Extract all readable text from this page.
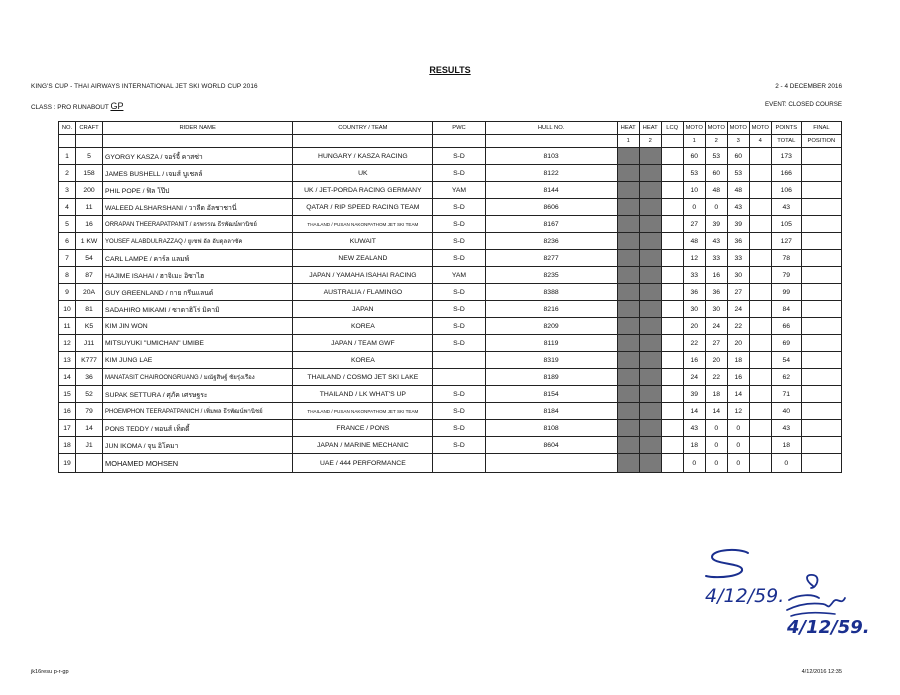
RESULTS
KING'S CUP - THAI AIRWAYS INTERNATIONAL JET SKI WORLD CUP 2016	2 - 4 DECEMBER 2016
CLASS : PRO RUNABOUT GP	EVENT: CLOSED COURSE
NO.	CRAFT	RIDER NAME	COUNTRY / TEAM	PWC	HULL NO.	HEAT	HEAT	LCQ	MOTO	MOTO	MOTO	MOTO	POINTS	FINAL
						1	2		1	2	3	4	TOTAL	POSITION
1	5	GYORGY KASZA / จอร์จี้ คาสซ่า	HUNGARY / KASZA RACING	S-D	8103				60	53	60		173	
2	158	JAMES BUSHELL / เจมส์ บูเชลล์	UK	S-D	8122				53	60	53		166	
3	200	PHIL POPE / ฟิล โป๊ป	UK / JET-PORDA RACING GERMANY	YAM	8144				10	48	48		106	
4	11	WALEED ALSHARSHANI / วาลีด อัลชาชานี่	QATAR / RIP SPEED RACING TEAM	S-D	8606				0	0	43		43	
5	16	ORRAPAN THEERAPATPANIT / อรพรรณ ธีรพัฒน์พานิชย์	THAILAND / PUSAN NAKONPATHOM JET SKI TEAM	S-D	8167				27	39	39		105	
6	1 KW	YOUSEF ALABDULRAZZAQ / ยูเซฟ อัล อับดุลลาซัค	KUWAIT	S-D	8236				48	43	36		127	
7	54	CARL LAMPE / คาร์ล แลมพ์	NEW ZEALAND	S-D	8277				12	33	33		78	
8	87	HAJIME ISAHAI / ฮาจิเมะ อิซาไฮ	JAPAN / YAMAHA ISAHAI RACING	YAM	8235				33	16	30		79	
9	20A	GUY GREENLAND / กาย กรีนแลนด์	AUSTRALIA / FLAMINGO	S-D	8388				36	36	27		99	
10	81	SADAHIRO MIKAMI / ซาดาฮิโร่ มิคามิ	JAPAN	S-D	8216				30	30	24		84	
11	K5	KIM JIN WON	KOREA	S-D	8209				20	24	22		66	
12	J11	MITSUYUKI "UMICHAN" UMIBE	JAPAN / TEAM GWF	S-D	8119				22	27	20		69	
13	K777	KIM JUNG LAE	KOREA		8319				16	20	18		54	
14	36	MANATASIT CHAIROONGRUANG / มณัฐสิษฐ์ ชัยรุ่งเรือง	THAILAND / COSMO JET SKI LAKE		8189				24	22	16		62	
15	52	SUPAK SETTURA / ศุภัค เศรษฐระ	THAILAND / LK WHAT'S UP	S-D	8154				39	18	14		71	
16	79	PHOEMPHON TEERAPATPANICH / เพิ่มพล ธีรพัฒน์พานิชย์	THAILAND / PUSAN NAKONPATHOM JET SKI TEAM	S-D	8184				14	14	12		40	
17	14	PONS TEDDY / พอนส์ เท็ดดี้	FRANCE / PONS	S-D	8108				43	0	0		43	
18	J1	JUN IKOMA / จุน อิโคมา	JAPAN / MARINE MECHANIC	S-D	8604				18	0	0		18	
19		MOHAMED MOHSEN	UAE / 444 PERFORMANCE						0	0	0		0	
4/12/59.
4/12/59.
jk16resu p-r-gp	4/12/2016 12:35
